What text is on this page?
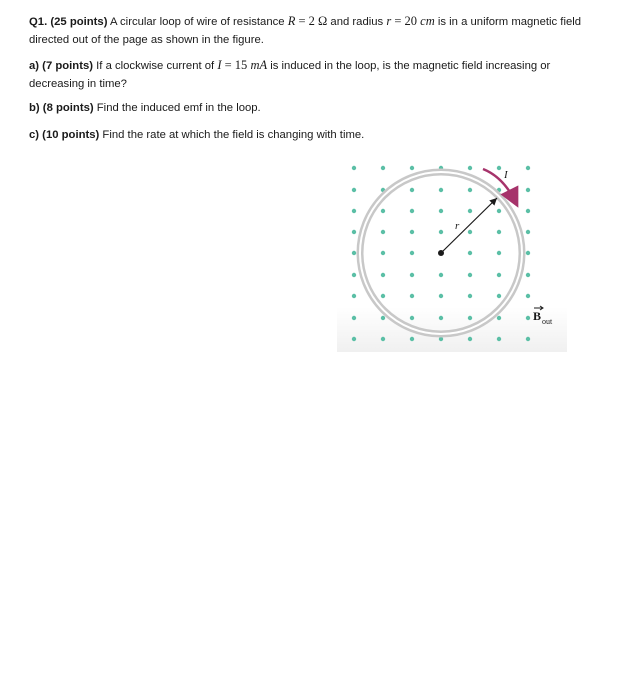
Q1. (25 points) A circular loop of wire of resistance R = 2 Ω and radius r = 20 cm is in a uniform magnetic field directed out of the page as shown in the figure.
a) (7 points) If a clockwise current of I = 15 mA is induced in the loop, is the magnetic field increasing or decreasing in time?
b) (8 points) Find the induced emf in the loop.
c) (10 points) Find the rate at which the field is changing with time.
r
I
B out
